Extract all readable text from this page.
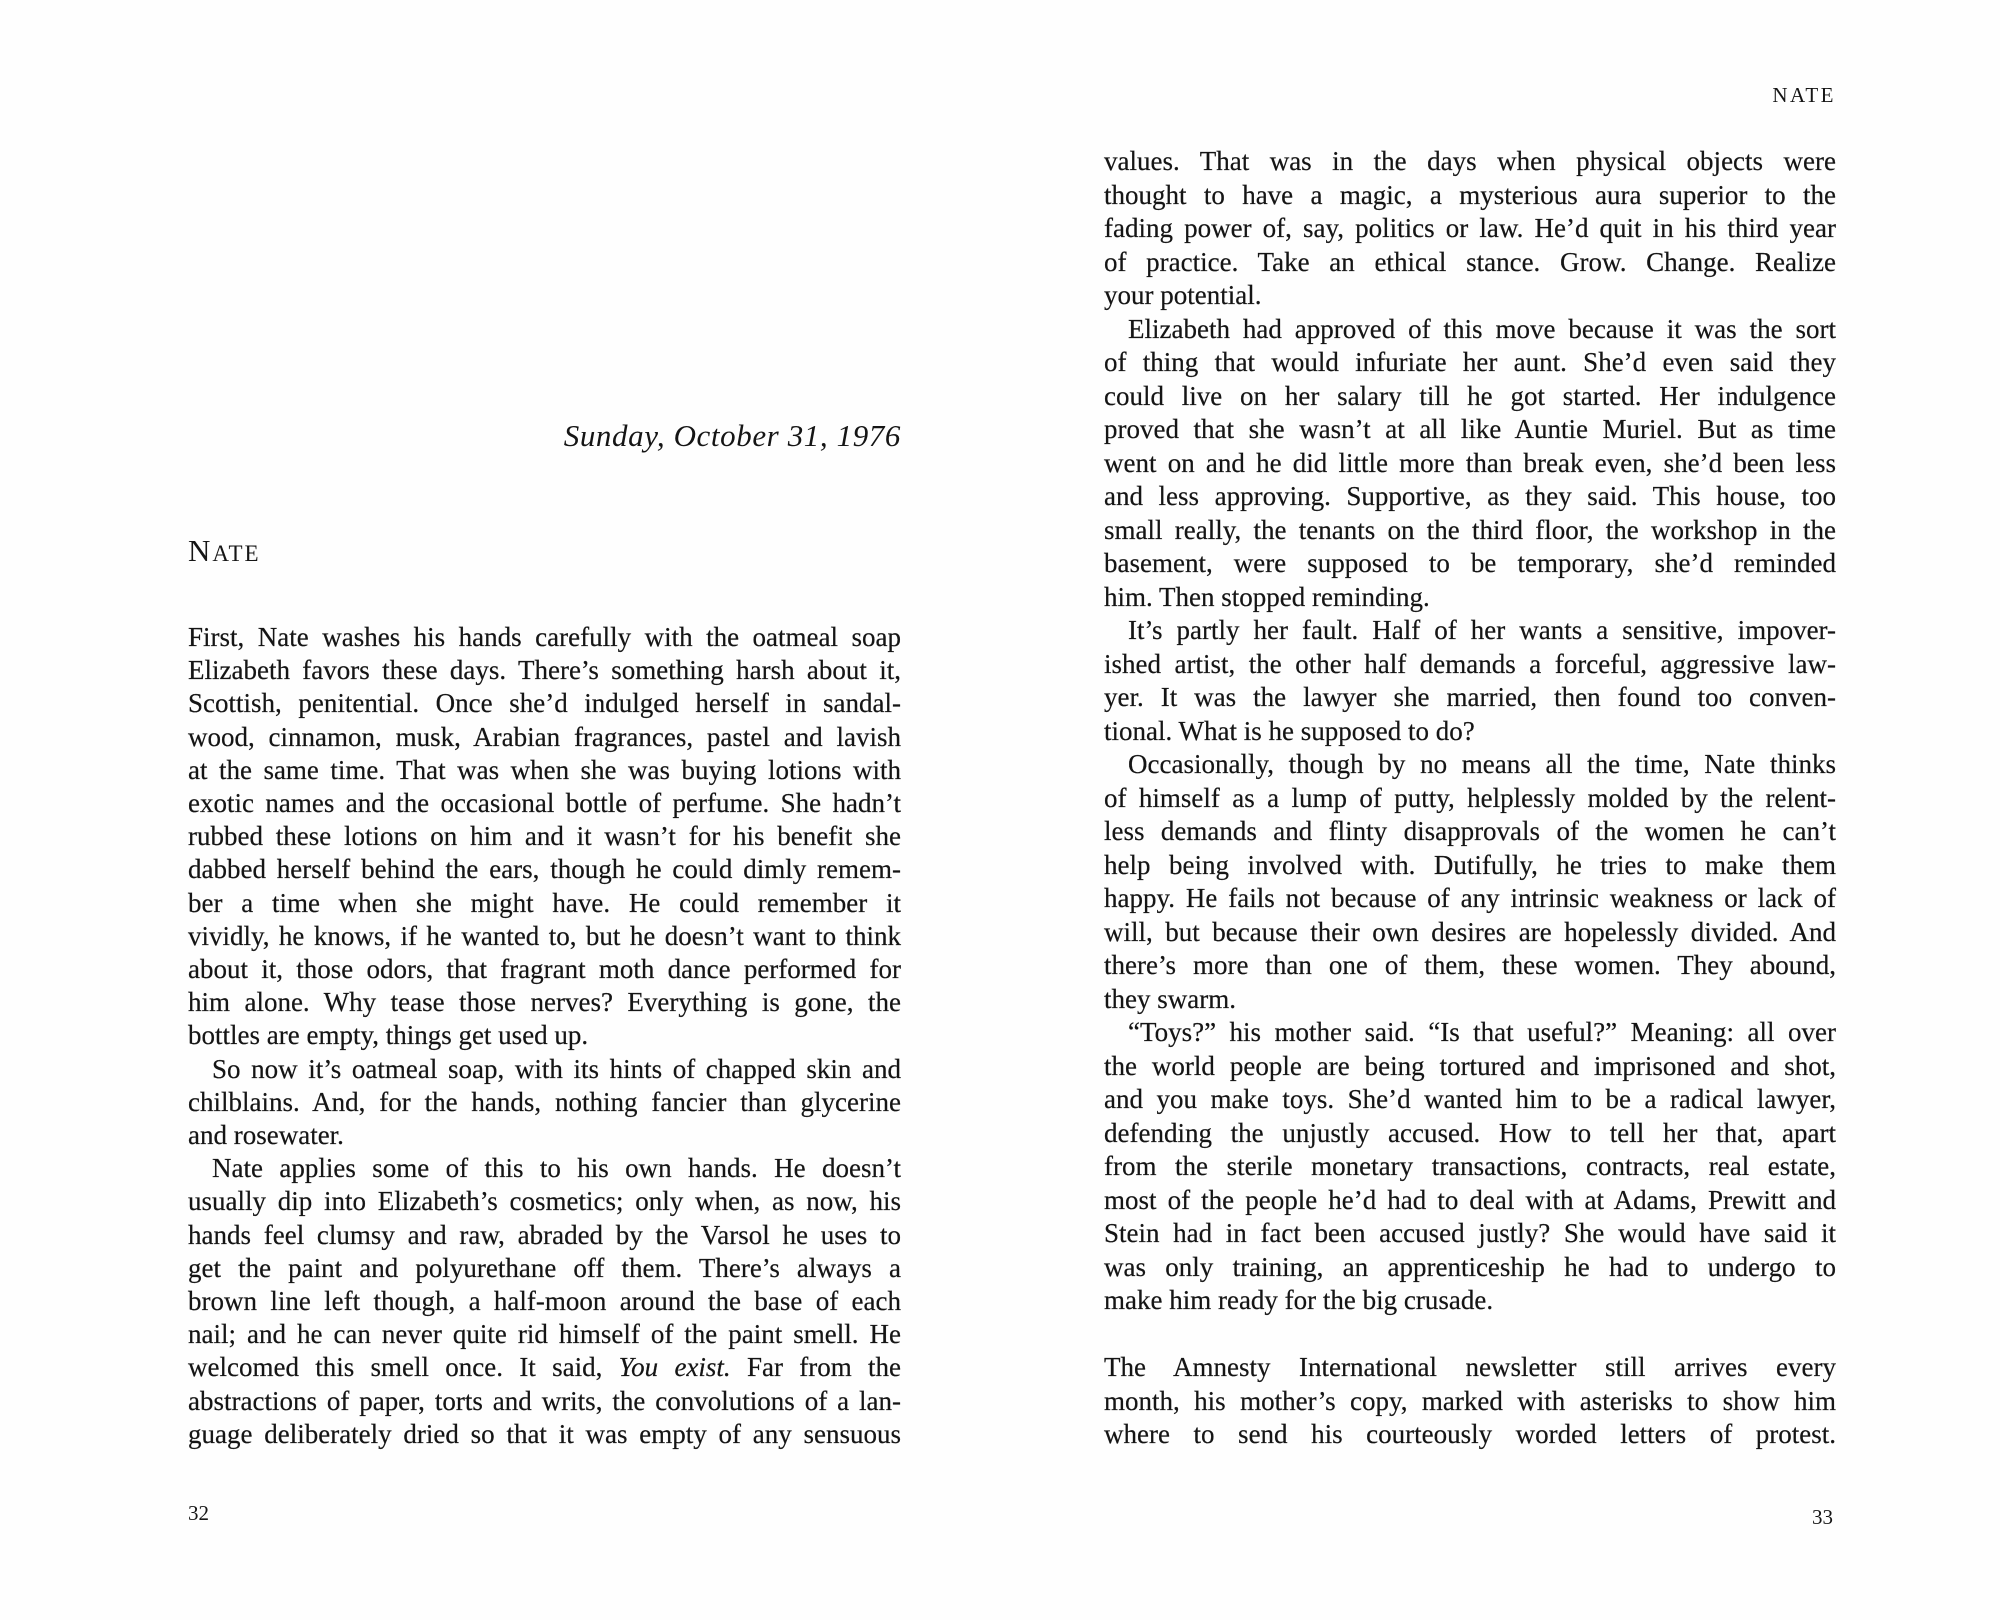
Sunday, October 31, 1976
NATE
First, Nate washes his hands carefully with the oatmeal soap
Elizabeth favors these days. There’s something harsh about it,
Scottish, penitential. Once she’d indulged herself in sandal-
wood, cinnamon, musk, Arabian fragrances, pastel and lavish
at the same time. That was when she was buying lotions with
exotic names and the occasional bottle of perfume. She hadn’t
rubbed these lotions on him and it wasn’t for his benefit she
dabbed herself behind the ears, though he could dimly remem-
ber a time when she might have. He could remember it
vividly, he knows, if he wanted to, but he doesn’t want to think
about it, those odors, that fragrant moth dance performed for
him alone. Why tease those nerves? Everything is gone, the
bottles are empty, things get used up.
So now it’s oatmeal soap, with its hints of chapped skin and
chilblains. And, for the hands, nothing fancier than glycerine
and rosewater.
Nate applies some of this to his own hands. He doesn’t
usually dip into Elizabeth’s cosmetics; only when, as now, his
hands feel clumsy and raw, abraded by the Varsol he uses to
get the paint and polyurethane off them. There’s always a
brown line left though, a half-moon around the base of each
nail; and he can never quite rid himself of the paint smell. He
welcomed this smell once. It said, You exist. Far from the
abstractions of paper, torts and writs, the convolutions of a lan-
guage deliberately dried so that it was empty of any sensuous
32
NATE
values. That was in the days when physical objects were
thought to have a magic, a mysterious aura superior to the
fading power of, say, politics or law. He’d quit in his third year
of practice. Take an ethical stance. Grow. Change. Realize
your potential.
Elizabeth had approved of this move because it was the sort
of thing that would infuriate her aunt. She’d even said they
could live on her salary till he got started. Her indulgence
proved that she wasn’t at all like Auntie Muriel. But as time
went on and he did little more than break even, she’d been less
and less approving. Supportive, as they said. This house, too
small really, the tenants on the third floor, the workshop in the
basement, were supposed to be temporary, she’d reminded
him. Then stopped reminding.
It’s partly her fault. Half of her wants a sensitive, impover-
ished artist, the other half demands a forceful, aggressive law-
yer. It was the lawyer she married, then found too conven-
tional. What is he supposed to do?
Occasionally, though by no means all the time, Nate thinks
of himself as a lump of putty, helplessly molded by the relent-
less demands and flinty disapprovals of the women he can’t
help being involved with. Dutifully, he tries to make them
happy. He fails not because of any intrinsic weakness or lack of
will, but because their own desires are hopelessly divided. And
there’s more than one of them, these women. They abound,
they swarm.
“Toys?” his mother said. “Is that useful?” Meaning: all over
the world people are being tortured and imprisoned and shot,
and you make toys. She’d wanted him to be a radical lawyer,
defending the unjustly accused. How to tell her that, apart
from the sterile monetary transactions, contracts, real estate,
most of the people he’d had to deal with at Adams, Prewitt and
Stein had in fact been accused justly? She would have said it
was only training, an apprenticeship he had to undergo to
make him ready for the big crusade.
The Amnesty International newsletter still arrives every
month, his mother’s copy, marked with asterisks to show him
where to send his courteously worded letters of protest.
33
